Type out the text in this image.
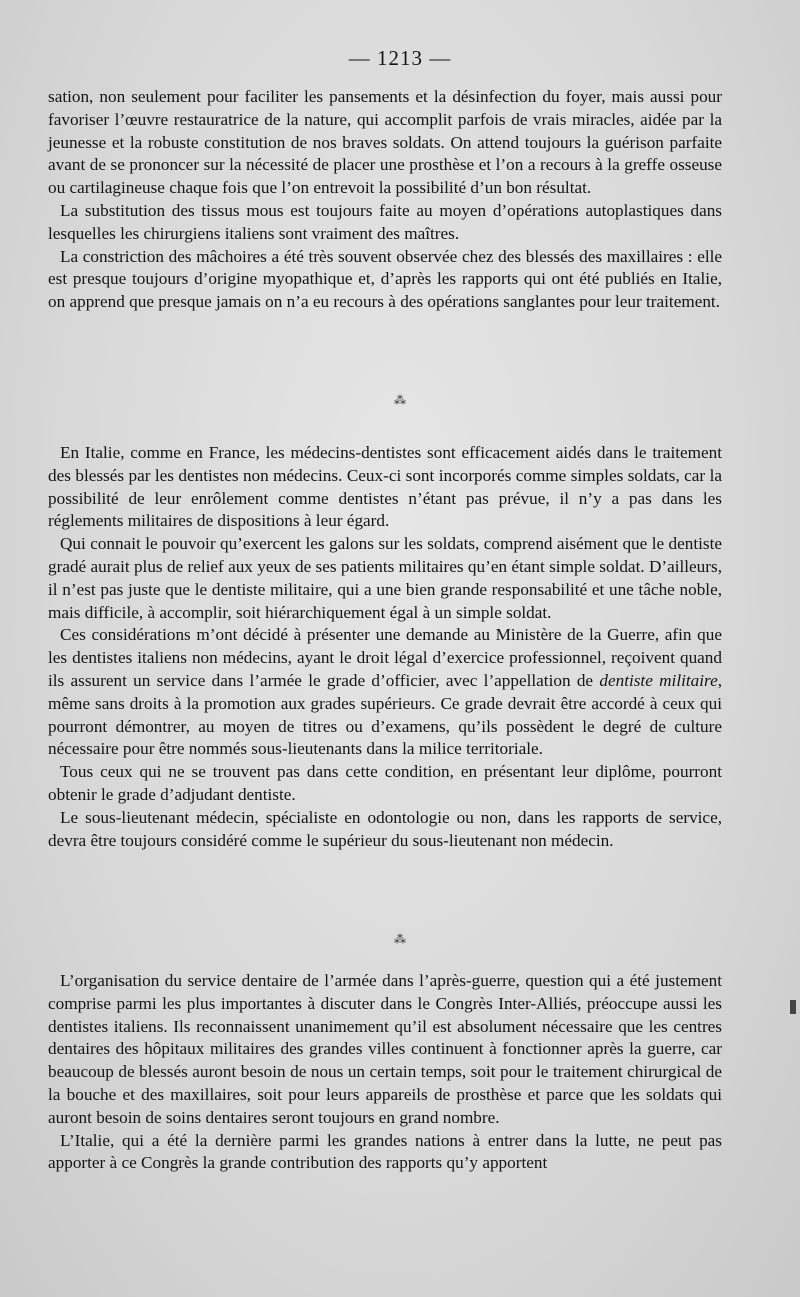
— 1213 —

sation, non seulement pour faciliter les pansements et la désinfection du foyer, mais aussi pour favoriser l’œuvre restauratrice de la nature, qui accomplit parfois de vrais miracles, aidée par la jeunesse et la robuste constitution de nos braves soldats. On attend toujours la guérison parfaite avant de se prononcer sur la nécessité de placer une prosthèse et l’on a recours à la greffe osseuse ou cartilagineuse chaque fois que l’on entrevoit la possibilité d’un bon résultat.

La substitution des tissus mous est toujours faite au moyen d’opérations autoplastiques dans lesquelles les chirurgiens italiens sont vraiment des maîtres.

La constriction des mâchoires a été très souvent observée chez des blessés des maxillaires : elle est presque toujours d’origine myopathique et, d’après les rapports qui ont été publiés en Italie, on apprend que presque jamais on n’a eu recours à des opérations sanglantes pour leur traitement.

⁂

En Italie, comme en France, les médecins-dentistes sont efficacement aidés dans le traitement des blessés par les dentistes non médecins. Ceux-ci sont incorporés comme simples soldats, car la possibilité de leur enrôlement comme dentistes n’étant pas prévue, il n’y a pas dans les réglements militaires de dispositions à leur égard.

Qui connait le pouvoir qu’exercent les galons sur les soldats, comprend aisément que le dentiste gradé aurait plus de relief aux yeux de ses patients militaires qu’en étant simple soldat. D’ailleurs, il n’est pas juste que le dentiste militaire, qui a une bien grande responsabilité et une tâche noble, mais difficile, à accomplir, soit hiérarchiquement égal à un simple soldat.

Ces considérations m’ont décidé à présenter une demande au Ministère de la Guerre, afin que les dentistes italiens non médecins, ayant le droit légal d’exercice professionnel, reçoivent quand ils assurent un service dans l’armée le grade d’officier, avec l’appellation de dentiste militaire, même sans droits à la promotion aux grades supérieurs. Ce grade devrait être accordé à ceux qui pourront démontrer, au moyen de titres ou d’examens, qu’ils possèdent le degré de culture nécessaire pour être nommés sous-lieutenants dans la milice territoriale.

Tous ceux qui ne se trouvent pas dans cette condition, en présentant leur diplôme, pourront obtenir le grade d’adjudant dentiste.

Le sous-lieutenant médecin, spécialiste en odontologie ou non, dans les rapports de service, devra être toujours considéré comme le supérieur du sous-lieutenant non médecin.

⁂

L’organisation du service dentaire de l’armée dans l’après-guerre, question qui a été justement comprise parmi les plus importantes à discuter dans le Congrès Inter-Alliés, préoccupe aussi les dentistes italiens. Ils reconnaissent unanimement qu’il est absolument nécessaire que les centres dentaires des hôpitaux militaires des grandes villes continuent à fonctionner après la guerre, car beaucoup de blessés auront besoin de nous un certain temps, soit pour le traitement chirurgical de la bouche et des maxillaires, soit pour leurs appareils de prosthèse et parce que les soldats qui auront besoin de soins dentaires seront toujours en grand nombre.

L’Italie, qui a été la dernière parmi les grandes nations à entrer dans la lutte, ne peut pas apporter à ce Congrès la grande contribution des rapports qu’y apportent
